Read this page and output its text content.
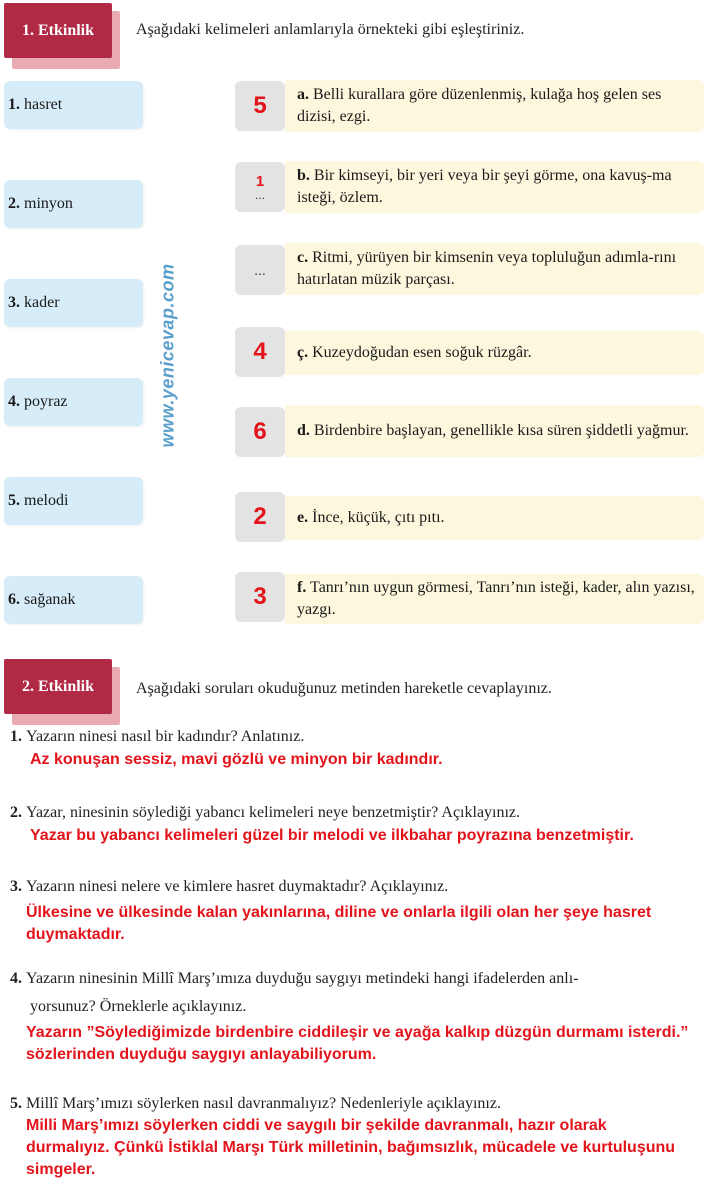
1. Etkinlik	Aşağıdaki kelimeleri anlamlarıyla örnekteki gibi eşleştiriniz.
1. hasret
2. minyon
3. kader
4. poyraz
5. melodi
6. sağanak
www.yenicevap.com
5
1
...
...
4
6
2
3
a. Belli kurallara göre düzenlenmiş, kulağa hoş gelen ses dizisi, ezgi.
b. Bir kimseyi, bir yeri veya bir şeyi görme, ona kavuş-ma isteği, özlem.
c. Ritmi, yürüyen bir kimsenin veya topluluğun adımla-rını hatırlatan müzik parçası.
ç. Kuzeydoğudan esen soğuk rüzgâr.
d. Birdenbire başlayan, genellikle kısa süren şiddetli yağmur.
e. İnce, küçük, çıtı pıtı.
f. Tanrı’nın uygun görmesi, Tanrı’nın isteği, kader, alın yazısı, yazgı.
2. Etkinlik	Aşağıdaki soruları okuduğunuz metinden hareketle cevaplayınız.
1. Yazarın ninesi nasıl bir kadındır? Anlatınız.
Az konuşan sessiz, mavi gözlü ve minyon bir kadındır.
2. Yazar, ninesinin söylediği yabancı kelimeleri neye benzetmiştir? Açıklayınız.
Yazar bu yabancı kelimeleri güzel bir melodi ve ilkbahar poyrazına benzetmiştir.
3. Yazarın ninesi nelere ve kimlere hasret duymaktadır? Açıklayınız.
Ülkesine ve ülkesinde kalan yakınlarına, diline ve onlarla ilgili olan her şeye hasret duymaktadır.
4. Yazarın ninesinin Millî Marş’ımıza duyduğu saygıyı metindeki hangi ifadelerden anlı-
yorsunuz? Örneklerle açıklayınız.
Yazarın ”Söylediğimizde birdenbire ciddileşir ve ayağa kalkıp düzgün durmamı isterdi.” sözlerinden duyduğu saygıyı anlayabiliyorum.
5. Millî Marş’ımızı söylerken nasıl davranmalıyız? Nedenleriyle açıklayınız.
Milli Marş’ımızı söylerken ciddi ve saygılı bir şekilde davranmalı, hazır olarak durmalıyız. Çünkü İstiklal Marşı Türk milletinin, bağımsızlık, mücadele ve kurtuluşunu simgeler.
